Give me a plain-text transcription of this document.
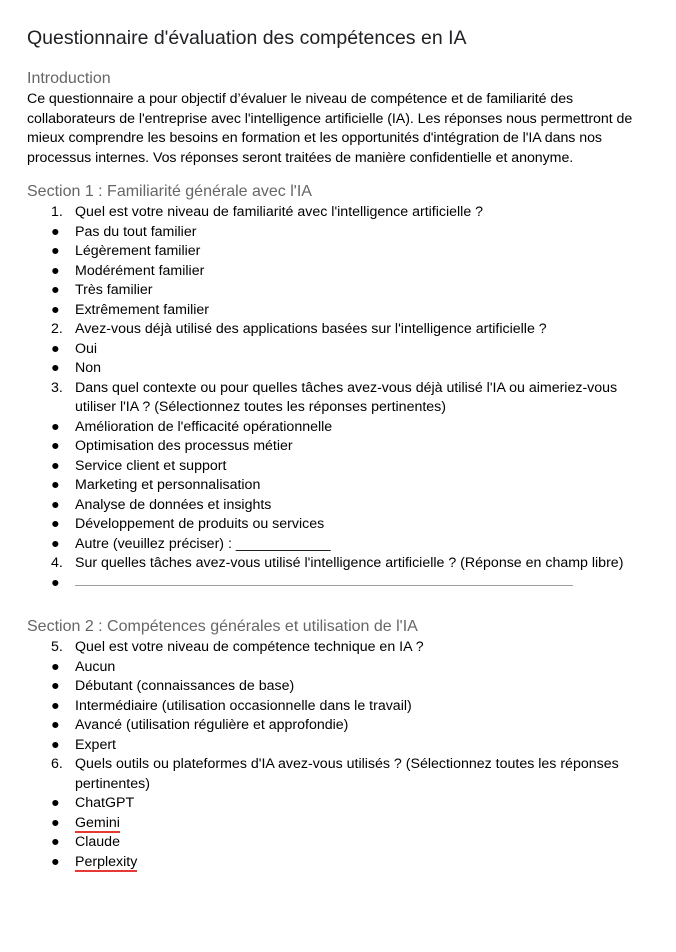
Questionnaire d'évaluation des compétences en IA
Introduction

Ce questionnaire a pour objectif d’évaluer le niveau de compétence et de familiarité des collaborateurs de l'entreprise avec l'intelligence artificielle (IA). Les réponses nous permettront de mieux comprendre les besoins en formation et les opportunités d'intégration de l'IA dans nos processus internes. Vos réponses seront traitées de manière confidentielle et anonyme.

Section 1 : Familiarité générale avec l'IA
1. Quel est votre niveau de familiarité avec l'intelligence artificielle ?
● Pas du tout familier
● Légèrement familier
● Modérément familier
● Très familier
● Extrêmement familier
2. Avez-vous déjà utilisé des applications basées sur l'intelligence artificielle ?
● Oui
● Non
3. Dans quel contexte ou pour quelles tâches avez-vous déjà utilisé l'IA ou aimeriez-vous utiliser l'IA ? (Sélectionnez toutes les réponses pertinentes)
● Amélioration de l'efficacité opérationnelle
● Optimisation des processus métier
● Service client et support
● Marketing et personnalisation
● Analyse de données et insights
● Développement de produits ou services
● Autre (veuillez préciser) : ____________
4. Sur quelles tâches avez-vous utilisé l'intelligence artificielle ? (Réponse en champ libre)
●
Section 2 : Compétences générales et utilisation de l'IA
5. Quel est votre niveau de compétence technique en IA ?
● Aucun
● Débutant (connaissances de base)
● Intermédiaire (utilisation occasionnelle dans le travail)
● Avancé (utilisation régulière et approfondie)
● Expert
6. Quels outils ou plateformes d'IA avez-vous utilisés ? (Sélectionnez toutes les réponses pertinentes)
● ChatGPT
● Gemini
● Claude
● Perplexity
